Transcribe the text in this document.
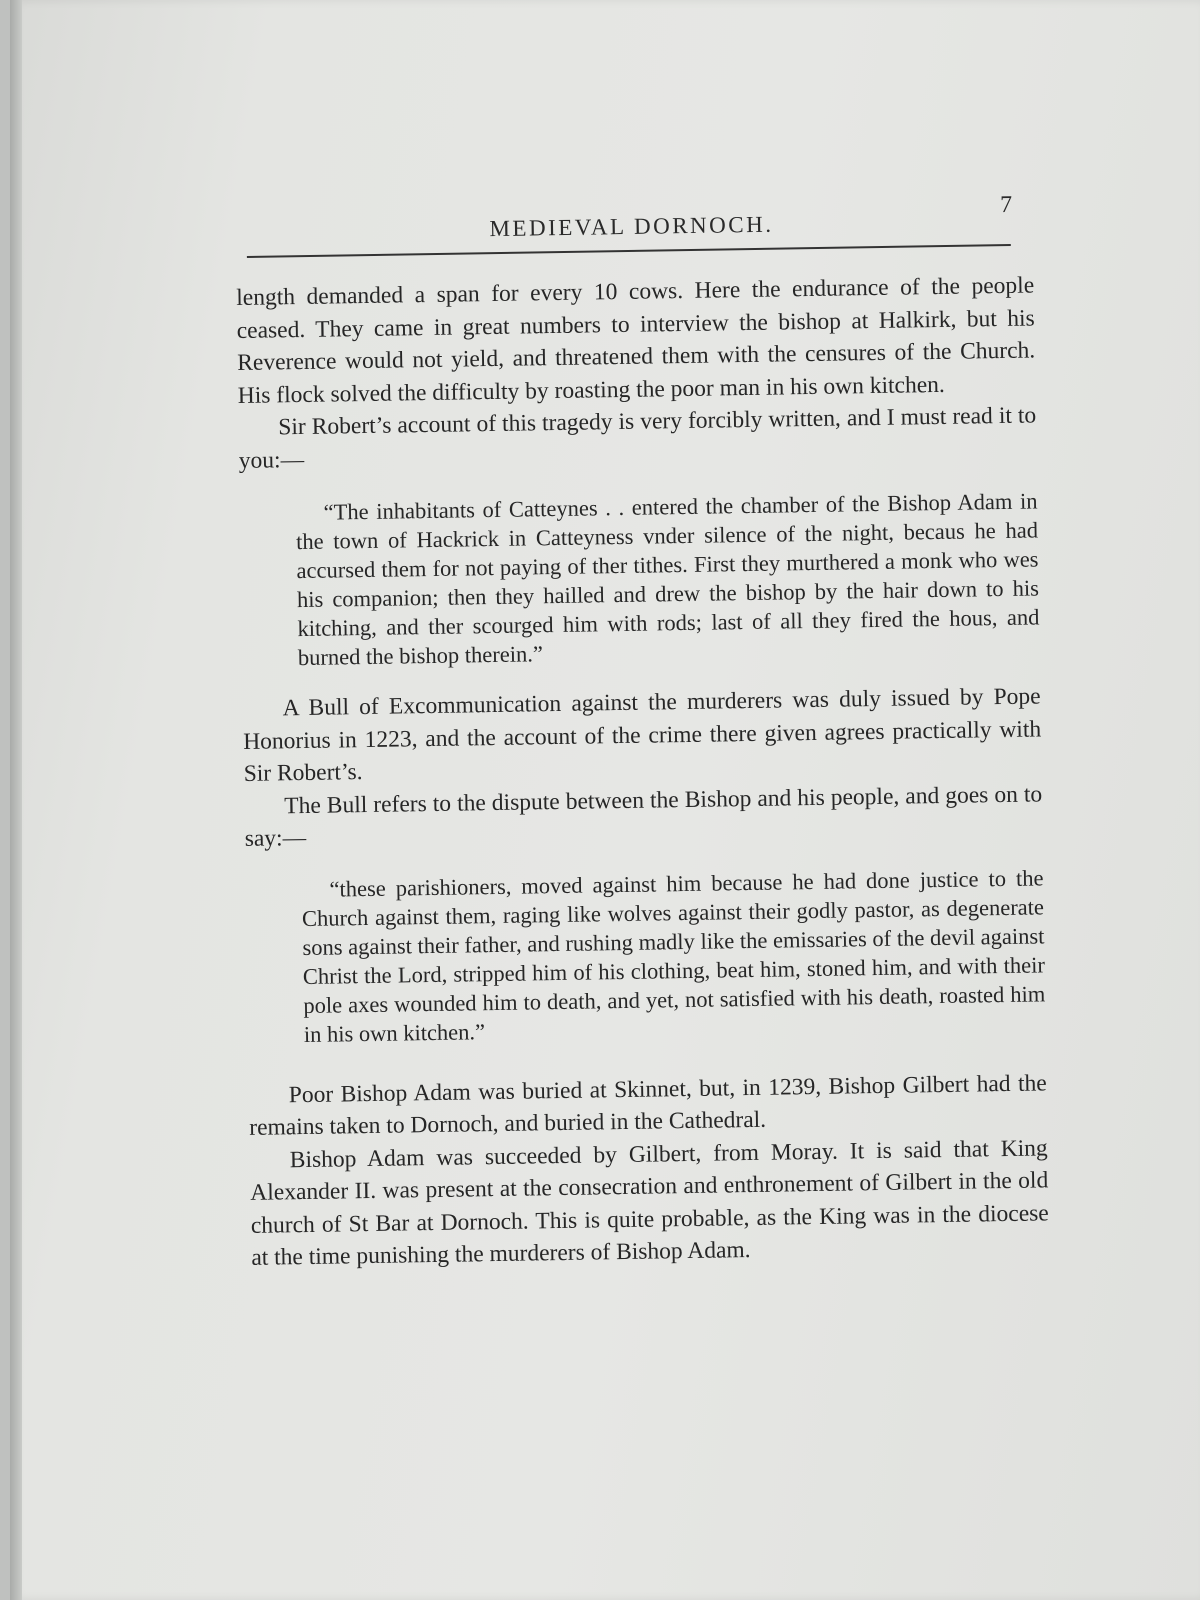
MEDIEVAL DORNOCH.
7

length demanded a span for every 10 cows. Here the endurance of the people ceased. They came in great numbers to interview the bishop at Halkirk, but his Reverence would not yield, and threatened them with the censures of the Church. His flock solved the difficulty by roasting the poor man in his own kitchen.

Sir Robert’s account of this tragedy is very forcibly written, and I must read it to you:—

“The inhabitants of Catteynes . . entered the chamber of the Bishop Adam in the town of Hackrick in Catteyness vnder silence of the night, becaus he had accursed them for not paying of ther tithes. First they murthered a monk who wes his companion; then they hailled and drew the bishop by the hair down to his kitching, and ther scourged him with rods; last of all they fired the hous, and burned the bishop therein.”

A Bull of Excommunication against the murderers was duly issued by Pope Honorius in 1223, and the account of the crime there given agrees practically with Sir Robert’s.

The Bull refers to the dispute between the Bishop and his people, and goes on to say:—

“these parishioners, moved against him because he had done justice to the Church against them, raging like wolves against their godly pastor, as degenerate sons against their father, and rushing madly like the emissaries of the devil against Christ the Lord, stripped him of his clothing, beat him, stoned him, and with their pole axes wounded him to death, and yet, not satisfied with his death, roasted him in his own kitchen.”

Poor Bishop Adam was buried at Skinnet, but, in 1239, Bishop Gilbert had the remains taken to Dornoch, and buried in the Cathedral.

Bishop Adam was succeeded by Gilbert, from Moray. It is said that King Alexander II. was present at the consecration and enthronement of Gilbert in the old church of St Bar at Dornoch. This is quite probable, as the King was in the diocese at the time punishing the murderers of Bishop Adam.
